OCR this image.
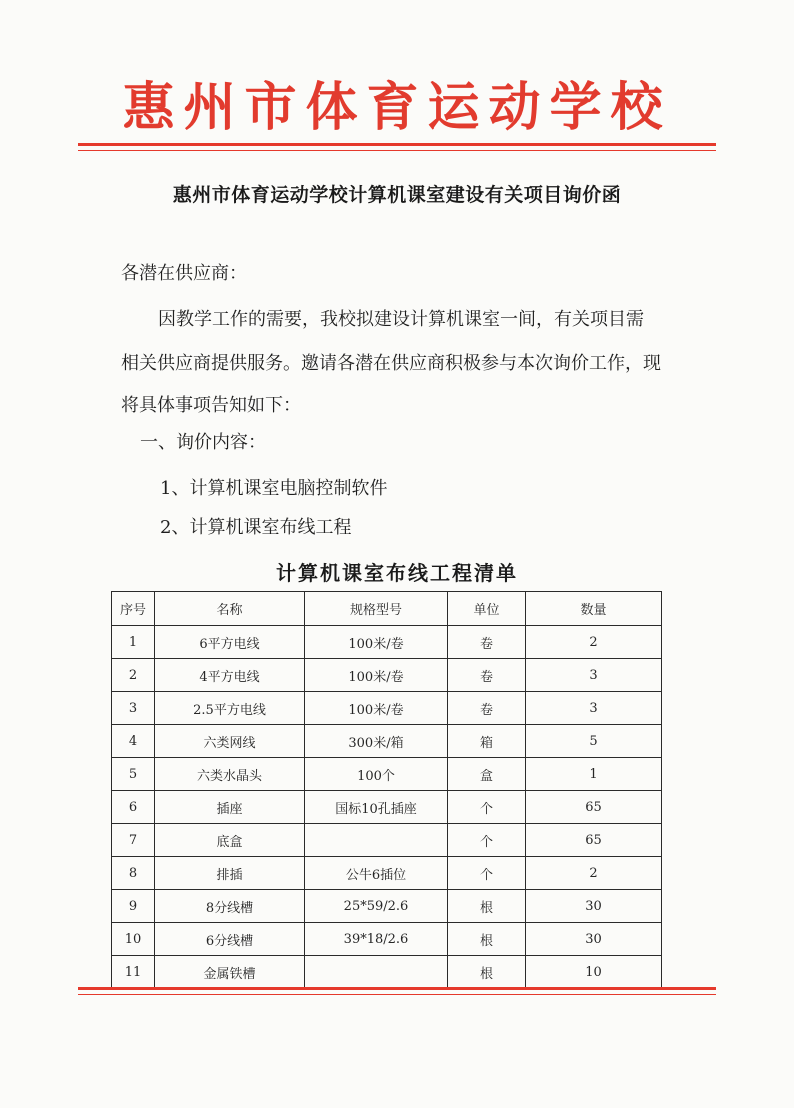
惠州市体育运动学校
惠州市体育运动学校计算机课室建设有关项目询价函
各潜在供应商：
因教学工作的需要，我校拟建设计算机课室一间，有关项目需
相关供应商提供服务。邀请各潜在供应商积极参与本次询价工作，现
将具体事项告知如下：
一、询价内容：
1、计算机课室电脑控制软件
2、计算机课室布线工程
计算机课室布线工程清单
序号	名称	规格型号	单位	数量
1	6平方电线	100米/卷	卷	2
2	4平方电线	100米/卷	卷	3
3	2.5平方电线	100米/卷	卷	3
4	六类网线	300米/箱	箱	5
5	六类水晶头	100个	盒	1
6	插座	国标10孔插座	个	65
7	底盒		个	65
8	排插	公牛6插位	个	2
9	8分线槽	25*59/2.6	根	30
10	6分线槽	39*18/2.6	根	30
11	金属铁槽		根	10
